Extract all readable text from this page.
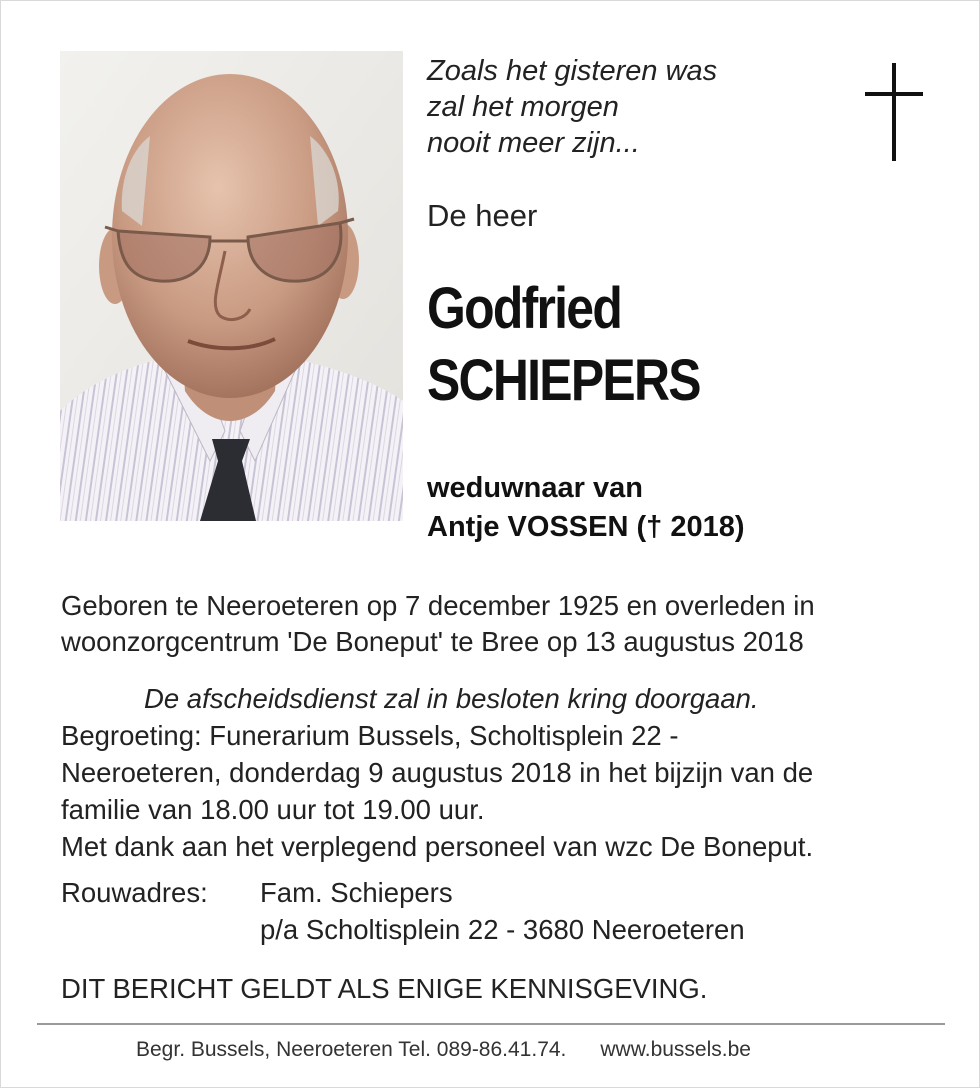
Zoals het gisteren was
zal het morgen
nooit meer zijn...
De heer
Godfried
SCHIEPERS
weduwnaar van
Antje VOSSEN († 2018)
Geboren te Neeroeteren op 7 december 1925 en overleden in
woonzorgcentrum 'De Boneput' te Bree op 13 augustus 2018
De afscheidsdienst zal in besloten kring doorgaan.
Begroeting: Funerarium Bussels, Scholtisplein 22 -
Neeroeteren, donderdag 9 augustus 2018 in het bijzijn van de
familie van 18.00 uur tot 19.00 uur.
Met dank aan het verplegend personeel van wzc De Boneput.
Rouwadres: Fam. Schiepers
p/a Scholtisplein 22 - 3680 Neeroeteren
DIT BERICHT GELDT ALS ENIGE KENNISGEVING.
Begr. Bussels, Neeroeteren Tel. 089-86.41.74. www.bussels.be
